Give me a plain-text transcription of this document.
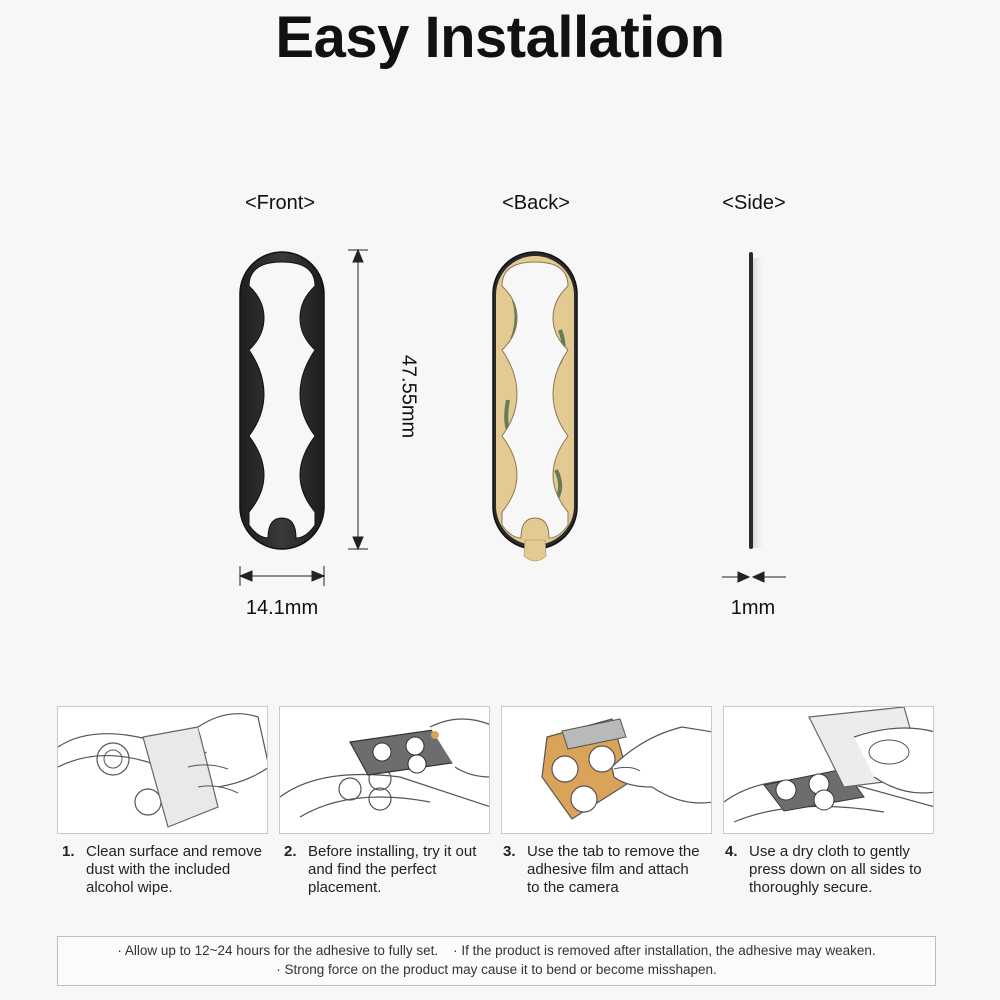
Easy Installation
<Front>	<Back>	<Side>
47.55mm
14.1mm	1mm
1. Clean surface and remove dust with the included alcohol wipe.
2. Before installing, try it out and find the perfect placement.
3. Use the tab to remove the adhesive film and attach to the camera
4. Use a dry cloth to gently press down on all sides to thoroughly secure.
· Allow up to 12~24 hours for the adhesive to fully set.    · If the product is removed after installation, the adhesive may weaken.
· Strong force on the product may cause it to bend or become misshapen.
